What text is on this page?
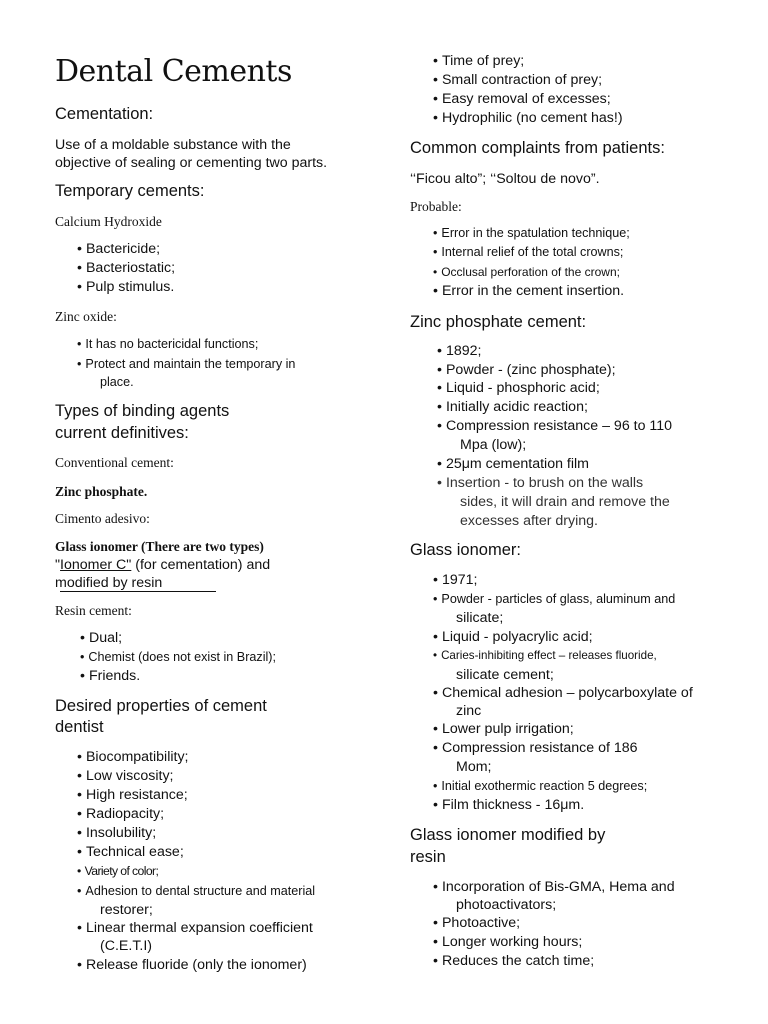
Dental Cements
Cementation:
Use of a moldable substance with the
objective of sealing or cementing two parts.
Temporary cements:
Calcium Hydroxide
• Bactericide;
• Bacteriostatic;
• Pulp stimulus.
Zinc oxide:
• It has no bactericidal functions;
• Protect and maintain the temporary in
place.
Types of binding agents
current definitives:
Conventional cement:
Zinc phosphate.
Cimento adesivo:
Glass ionomer (There are two types)
"Ionomer C" (for cementation) and
modified by resin
Resin cement:
• Dual;
• Chemist (does not exist in Brazil);
• Friends.
Desired properties of cement
dentist
• Biocompatibility;
• Low viscosity;
• High resistance;
• Radiopacity;
• Insolubility;
• Technical ease;
• Variety of color;
• Adhesion to dental structure and material
restorer;
• Linear thermal expansion coefficient
(C.E.T.I)
• Release fluoride (only the ionomer)
• Time of prey;
• Small contraction of prey;
• Easy removal of excesses;
• Hydrophilic (no cement has!)
Common complaints from patients:
‘‘Ficou alto”; ‘‘Soltou de novo”.
Probable:
• Error in the spatulation technique;
• Internal relief of the total crowns;
• Occlusal perforation of the crown;
• Error in the cement insertion.
Zinc phosphate cement:
• 1892;
• Powder - (zinc phosphate);
• Liquid - phosphoric acid;
• Initially acidic reaction;
• Compression resistance – 96 to 110
Mpa (low);
• 25μm cementation film
• Insertion - to brush on the walls
sides, it will drain and remove the
excesses after drying.
Glass ionomer:
• 1971;
• Powder - particles of glass, aluminum and
silicate;
• Liquid - polyacrylic acid;
• Caries-inhibiting effect – releases fluoride,
silicate cement;
• Chemical adhesion – polycarboxylate of
zinc
• Lower pulp irrigation;
• Compression resistance of 186
Mom;
• Initial exothermic reaction 5 degrees;
• Film thickness - 16μm.
Glass ionomer modified by
resin
• Incorporation of Bis-GMA, Hema and
photoactivators;
• Photoactive;
• Longer working hours;
• Reduces the catch time;
